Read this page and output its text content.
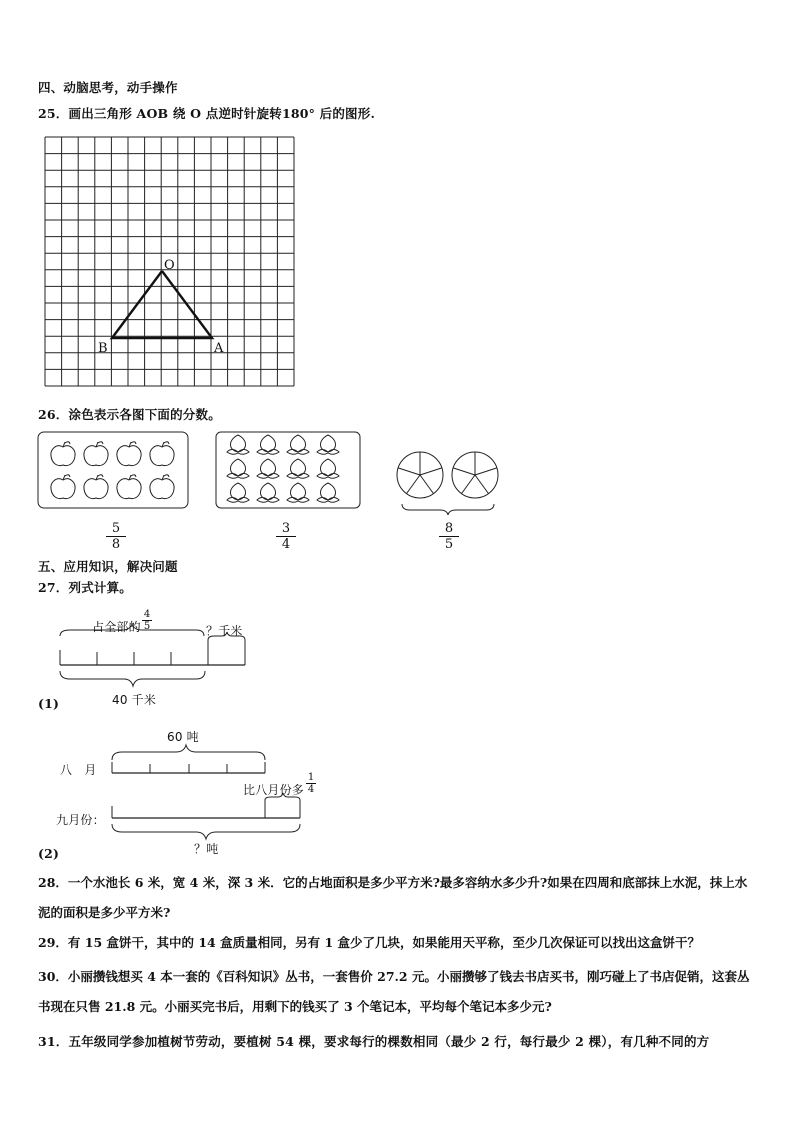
四、动脑思考，动手操作
25．画出三角形 AOB 绕 O 点逆时针旋转180° 后的图形.
O
B	A
26．涂色表示各图下面的分数。
$\frac{5}{8}$	$\frac{3}{4}$	$\frac{8}{5}$
五、应用知识，解决问题
27．列式计算。
占全部的 $\frac{4}{5}$	？千米
40 千米
(1)
60 吨
八　月
比八月份多 $\frac{1}{4}$
九月份：
？吨
(2)
28．一个水池长 6 米，宽 4 米，深 3 米．它的占地面积是多少平方米?最多容纳水多少升?如果在四周和底部抹上水泥，抹上水泥的面积是多少平方米?
29．有 15 盒饼干，其中的 14 盒质量相同，另有 1 盒少了几块，如果能用天平称，至少几次保证可以找出这盒饼干？
30．小丽攒钱想买 4 本一套的《百科知识》丛书，一套售价 27.2 元。小丽攒够了钱去书店买书，刚巧碰上了书店促销，这套丛书现在只售 21.8 元。小丽买完书后，用剩下的钱买了 3 个笔记本，平均每个笔记本多少元?
31．五年级同学参加植树节劳动，要植树 54 棵，要求每行的棵数相同（最少 2 行，每行最少 2 棵），有几种不同的方
